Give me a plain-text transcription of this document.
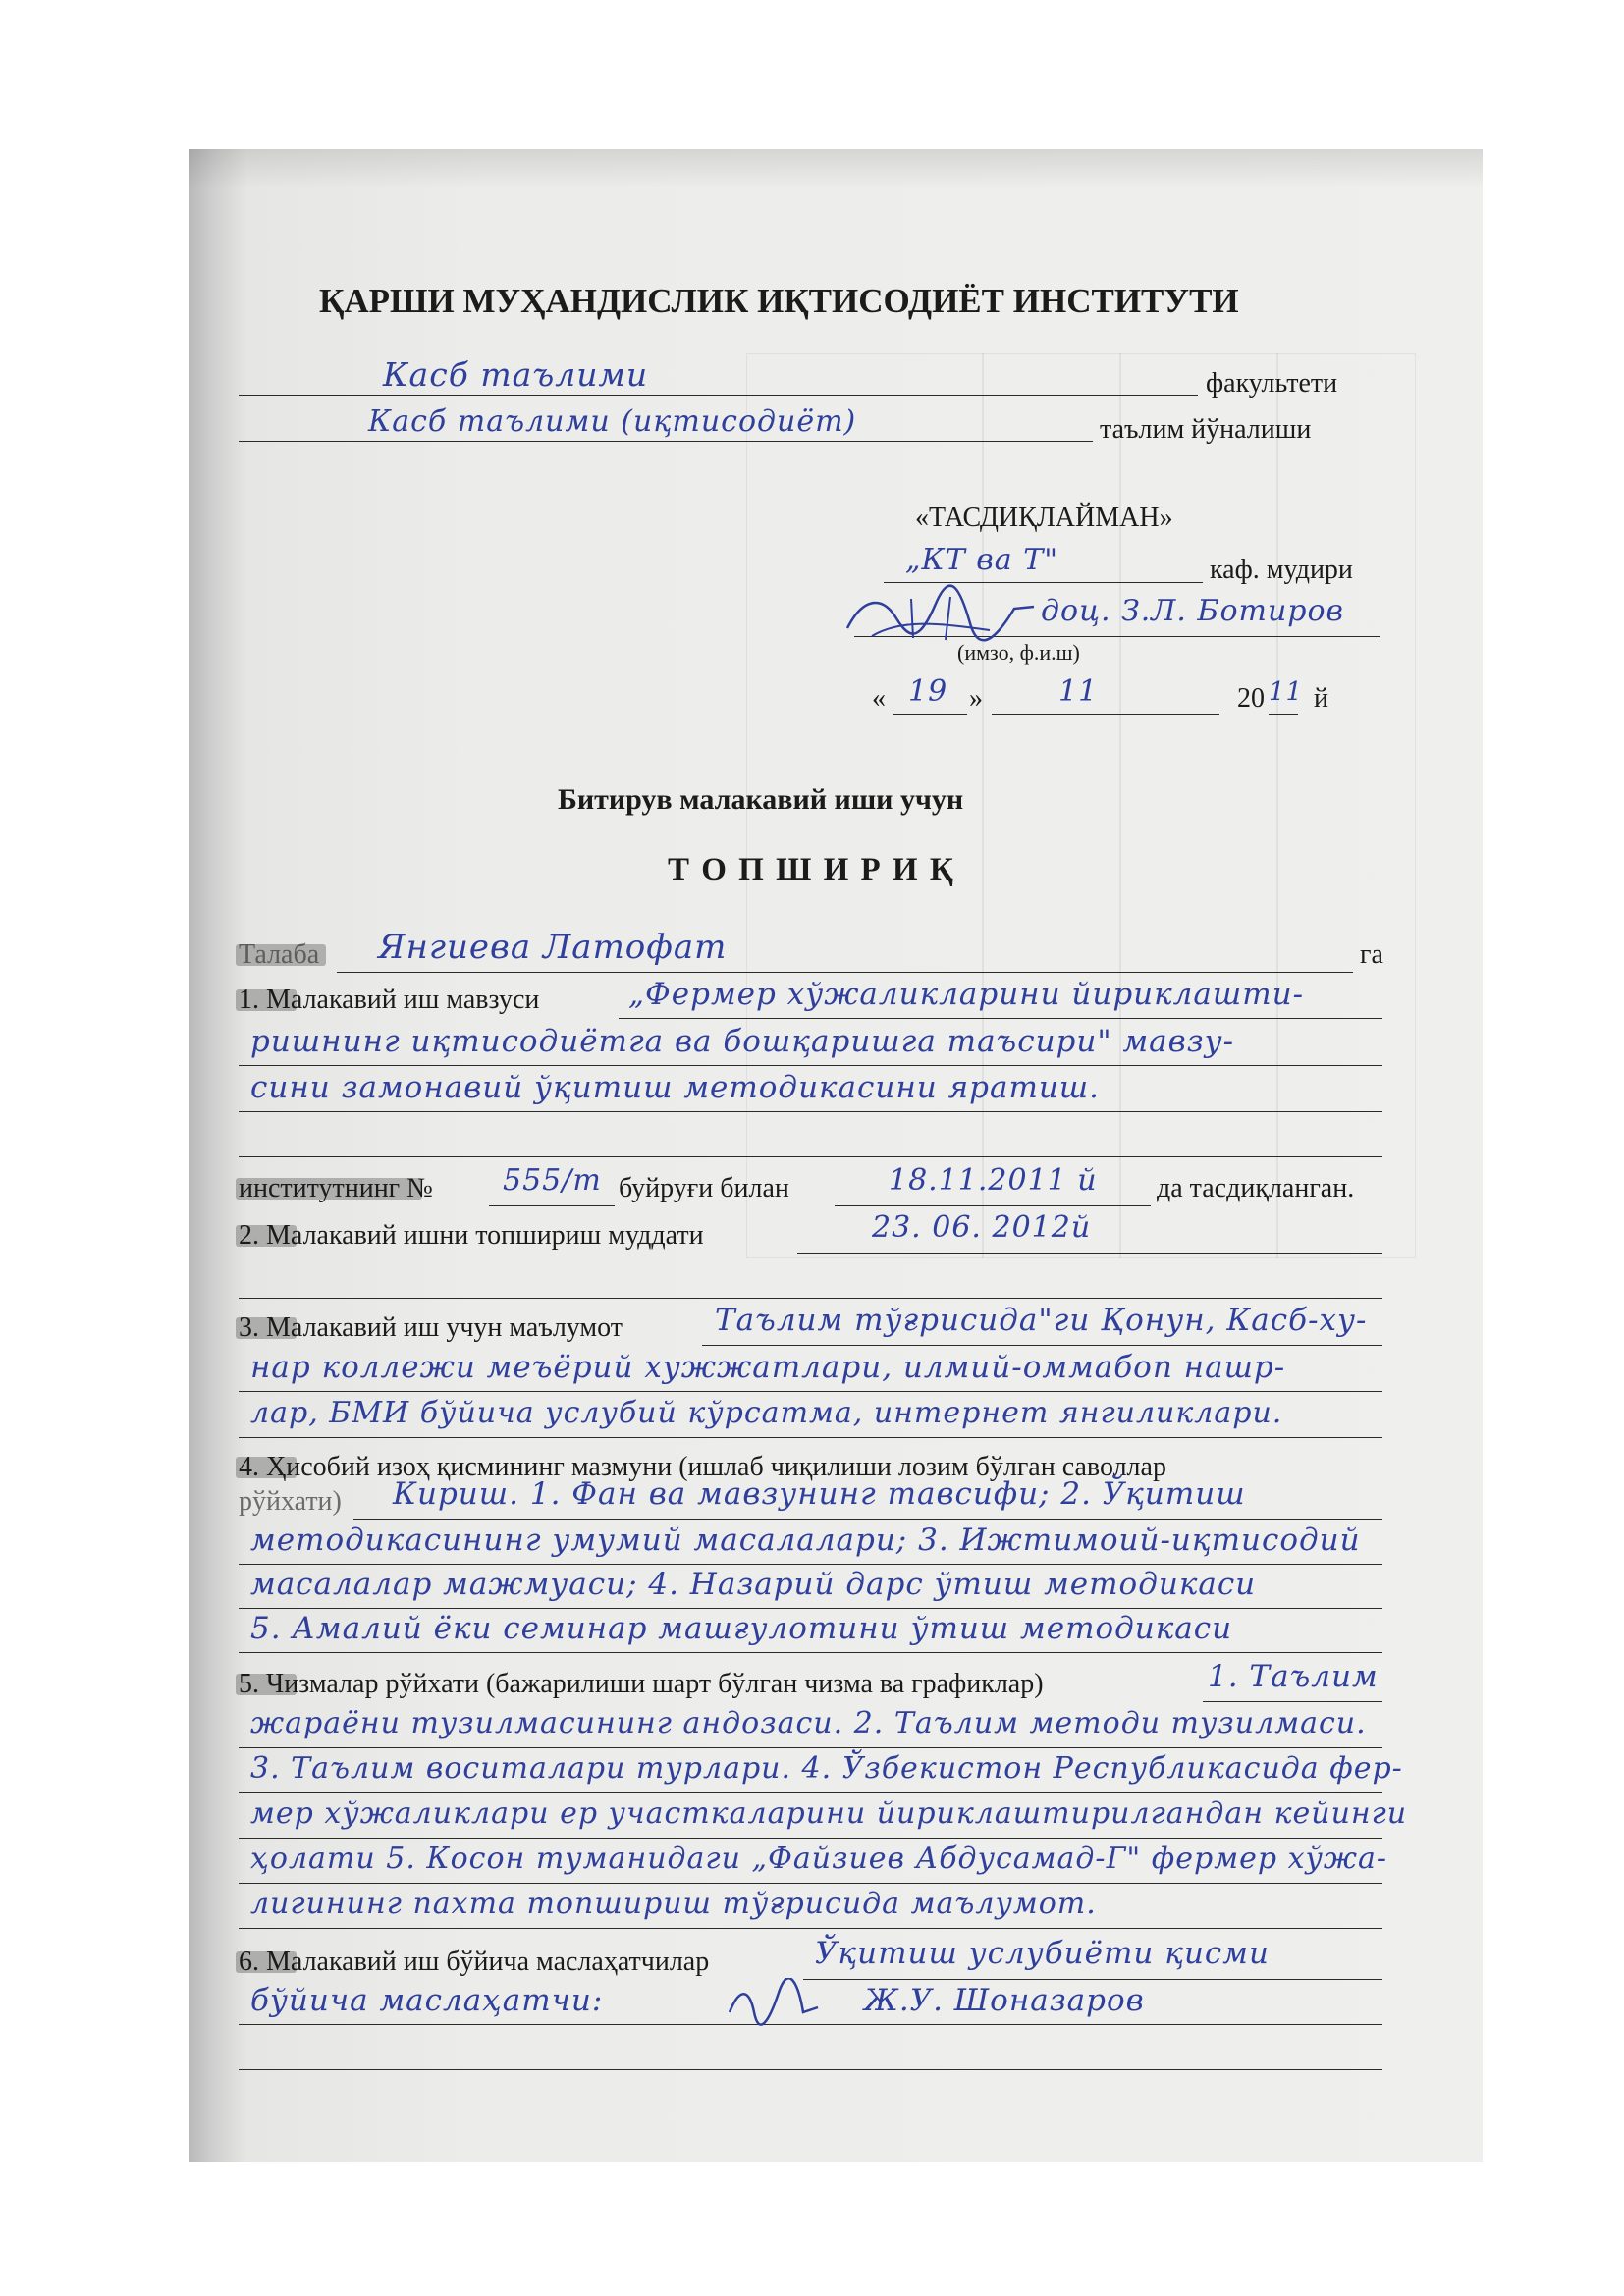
ҚАРШИ МУҲАНДИСЛИК ИҚТИСОДИЁТ ИНСТИТУТИ
Касб таълими	факультети
Касб таълими (иқтисодиёт)	таълим йўналиши
«ТАСДИҚЛАЙМАН»
„КТ ва Т"	каф. мудири
доц. З.Л. Ботиров
(имзо, ф.и.ш)
« 19 »	11	20 11 й
Битирув малакавий иши учун
Т О П Ш И Р И Қ
Талаба Янгиева Латофат	га
1. Малакавий иш мавзуси	„Фермер хўжаликларини йириклашти-
ришнинг иқтисодиётга ва бошқаришга таъсири" мавзу-
сини замонавий ўқитиш методикасини яратиш.
институтнинг № 555/т буйруғи билан	18.11.2011 й да тасдиқланган.
2. Малакавий ишни топшириш муддати	23. 06. 2012й
3. Малакавий иш учун маълумот	Таълим тўғрисида"ги Қонун, Касб-ху-
нар коллежи меъёрий хужжатлари, илмий-оммабоп нашр-
лар, БМИ бўйича услубий кўрсатма, интернет янгиликлари.
4. Ҳисобий изоҳ қисмининг мазмуни (ишлаб чиқилиши лозим бўлган саволлар
рўйхати) Кириш. 1. Фан ва мавзунинг тавсифи; 2. Ўқитиш
методикасининг умумий масалалари; 3. Ижтимоий-иқтисодий
масалалар мажмуаси; 4. Назарий дарс ўтиш методикаси
5. Амалий ёки семинар машғулотини ўтиш методикаси
5. Чизмалар рўйхати (бажарилиши шарт бўлган чизма ва графиклар)	1. Таълим
жараёни тузилмасининг андозаси. 2. Таълим методи тузилмаси.
3. Таълим воситалари турлари. 4. Ўзбекистон Республикасида фер-
мер хўжаликлари ер участкаларини йириклаштирилгандан кейинги
ҳолати 5. Косон туманидаги „Файзиев Абдусамад-Г" фермер хўжа-
лигининг пахта топшириш тўғрисида маълумот.
6. Малакавий иш бўйича маслаҳатчилар	Ўқитиш услубиёти қисми
бўйича маслаҳатчи:	Ж.У. Шоназаров
